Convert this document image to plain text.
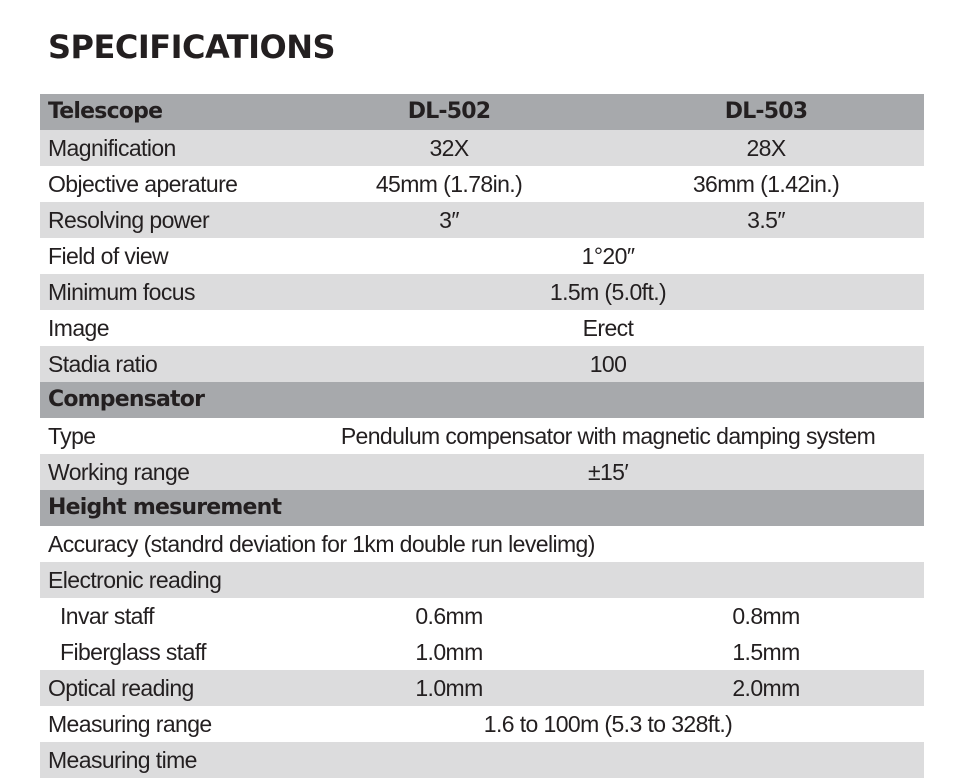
SPECIFICATIONS
Telescope	DL-502	DL-503
Magnification	32X	28X
Objective aperature	45mm (1.78in.)	36mm (1.42in.)
Resolving power	3″	3.5″
Field of view	1°20″
Minimum focus	1.5m (5.0ft.)
Image	Erect
Stadia ratio	100
Compensator
Type	Pendulum compensator with magnetic damping system
Working range	±15′
Height mesurement
Accuracy (standrd deviation for 1km double run levelimg)
Electronic reading
Invar staff	0.6mm	0.8mm
Fiberglass staff	1.0mm	1.5mm
Optical reading	1.0mm	2.0mm
Measuring range	1.6 to 100m (5.3 to 328ft.)
Measuring time
